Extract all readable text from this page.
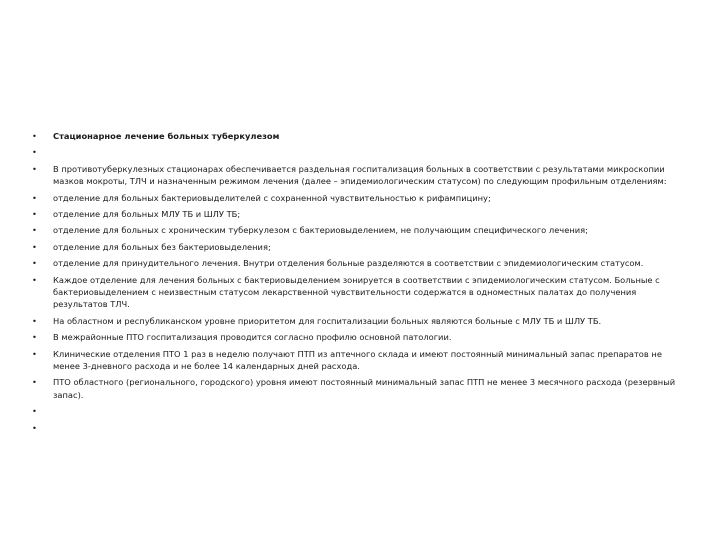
• Стационарное лечение больных туберкулезом
•
• В противотуберкулезных стационарах обеспечивается раздельная госпитализация больных в соответствии с результатами микроскопии мазков мокроты, ТЛЧ и назначенным режимом лечения (далее – эпидемиологическим статусом) по следующим профильным отделениям:
• отделение для больных бактериовыделителей с сохраненной чувствительностью к рифампицину;
• отделение для больных МЛУ ТБ и ШЛУ ТБ;
• отделение для больных с хроническим туберкулезом с бактериовыделением, не получающим специфического лечения;
• отделение для больных без бактериовыделения;
• отделение для принудительного лечения. Внутри отделения больные разделяются в соответствии с эпидемиологическим статусом.
• Каждое отделение для лечения больных с бактериовыделением зонируется в соответствии с эпидемиологическим статусом. Больные с бактериовыделением с неизвестным статусом лекарственной чувствительности содержатся в одноместных палатах до получения результатов ТЛЧ.
• На областном и республиканском уровне приоритетом для госпитализации больных являются больные с МЛУ ТБ и ШЛУ ТБ.
• В межрайонные ПТО госпитализация проводится согласно профилю основной патологии.
• Клинические отделения ПТО 1 раз в неделю получают ПТП из аптечного склада и имеют постоянный минимальный запас препаратов не менее 3-дневного расхода и не более 14 календарных дней расхода.
• ПТО областного (регионального, городского) уровня имеют постоянный минимальный запас ПТП не менее 3 месячного расхода (резервный запас).
•
•
